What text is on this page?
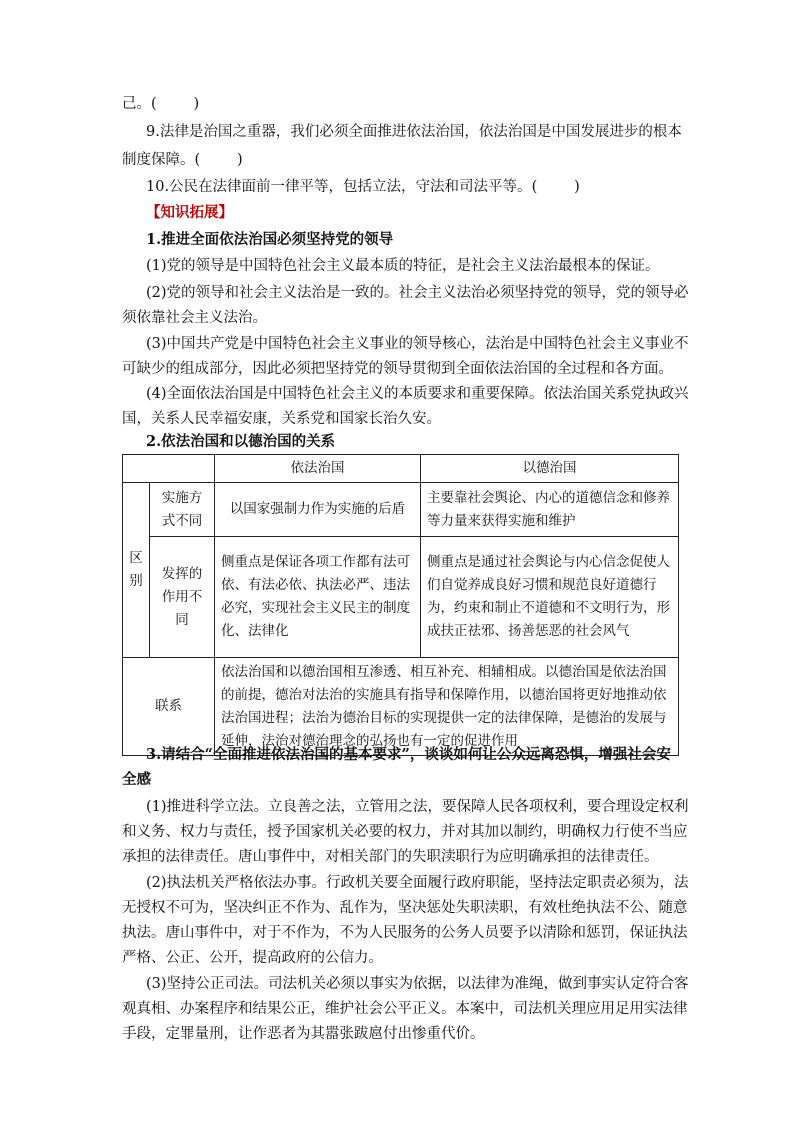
己。(        )
9.法律是治国之重器，我们必须全面推进依法治国，依法治国是中国发展进步的根本
制度保障。(        )
10.公民在法律面前一律平等，包括立法，守法和司法平等。(        )
【知识拓展】
1.推进全面依法治国必须坚持党的领导
(1)党的领导是中国特色社会主义最本质的特征，是社会主义法治最根本的保证。
(2)党的领导和社会主义法治是一致的。社会主义法治必须坚持党的领导，党的领导必
须依靠社会主义法治。
(3)中国共产党是中国特色社会主义事业的领导核心，法治是中国特色社会主义事业不
可缺少的组成部分，因此必须把坚持党的领导贯彻到全面依法治国的全过程和各方面。
(4)全面依法治国是中国特色社会主义的本质要求和重要保障。依法治国关系党执政兴
国，关系人民幸福安康，关系党和国家长治久安。
2.依法治国和以德治国的关系
		依法治国	以德治国
区别	实施方式不同	以国家强制力作为实施的后盾	主要靠社会舆论、内心的道德信念和修养等力量来获得实施和维护
	发挥的作用不同	侧重点是保证各项工作都有法可依、有法必依、执法必严、违法必究，实现社会主义民主的制度化、法律化	侧重点是通过社会舆论与内心信念促使人们自觉养成良好习惯和规范良好道德行为，约束和制止不道德和不文明行为，形成扶正祛邪、扬善惩恶的社会风气
联系		依法治国和以德治国相互渗透、相互补充、相辅相成。以德治国是依法治国的前提，德治对法治的实施具有指导和保障作用，以德治国将更好地推动依法治国进程；法治为德治目标的实现提供一定的法律保障，是德治的发展与延伸，法治对德治理念的弘扬也有一定的促进作用	
3.请结合“全面推进依法治国的基本要求”，谈谈如何让公众远离恐惧，增强社会安
全感
(1)推进科学立法。立良善之法，立管用之法，要保障人民各项权利，要合理设定权利
和义务、权力与责任，授予国家机关必要的权力，并对其加以制约，明确权力行使不当应
承担的法律责任。唐山事件中，对相关部门的失职渎职行为应明确承担的法律责任。
(2)执法机关严格依法办事。行政机关要全面履行政府职能，坚持法定职责必须为，法
无授权不可为，坚决纠正不作为、乱作为，坚决惩处失职渎职，有效杜绝执法不公、随意
执法。唐山事件中，对于不作为，不为人民服务的公务人员要予以清除和惩罚，保证执法
严格、公正、公开，提高政府的公信力。
(3)坚持公正司法。司法机关必须以事实为依据，以法律为准绳，做到事实认定符合客
观真相、办案程序和结果公正，维护社会公平正义。本案中，司法机关理应用足用实法律
手段，定罪量刑，让作恶者为其嚣张跋扈付出惨重代价。
